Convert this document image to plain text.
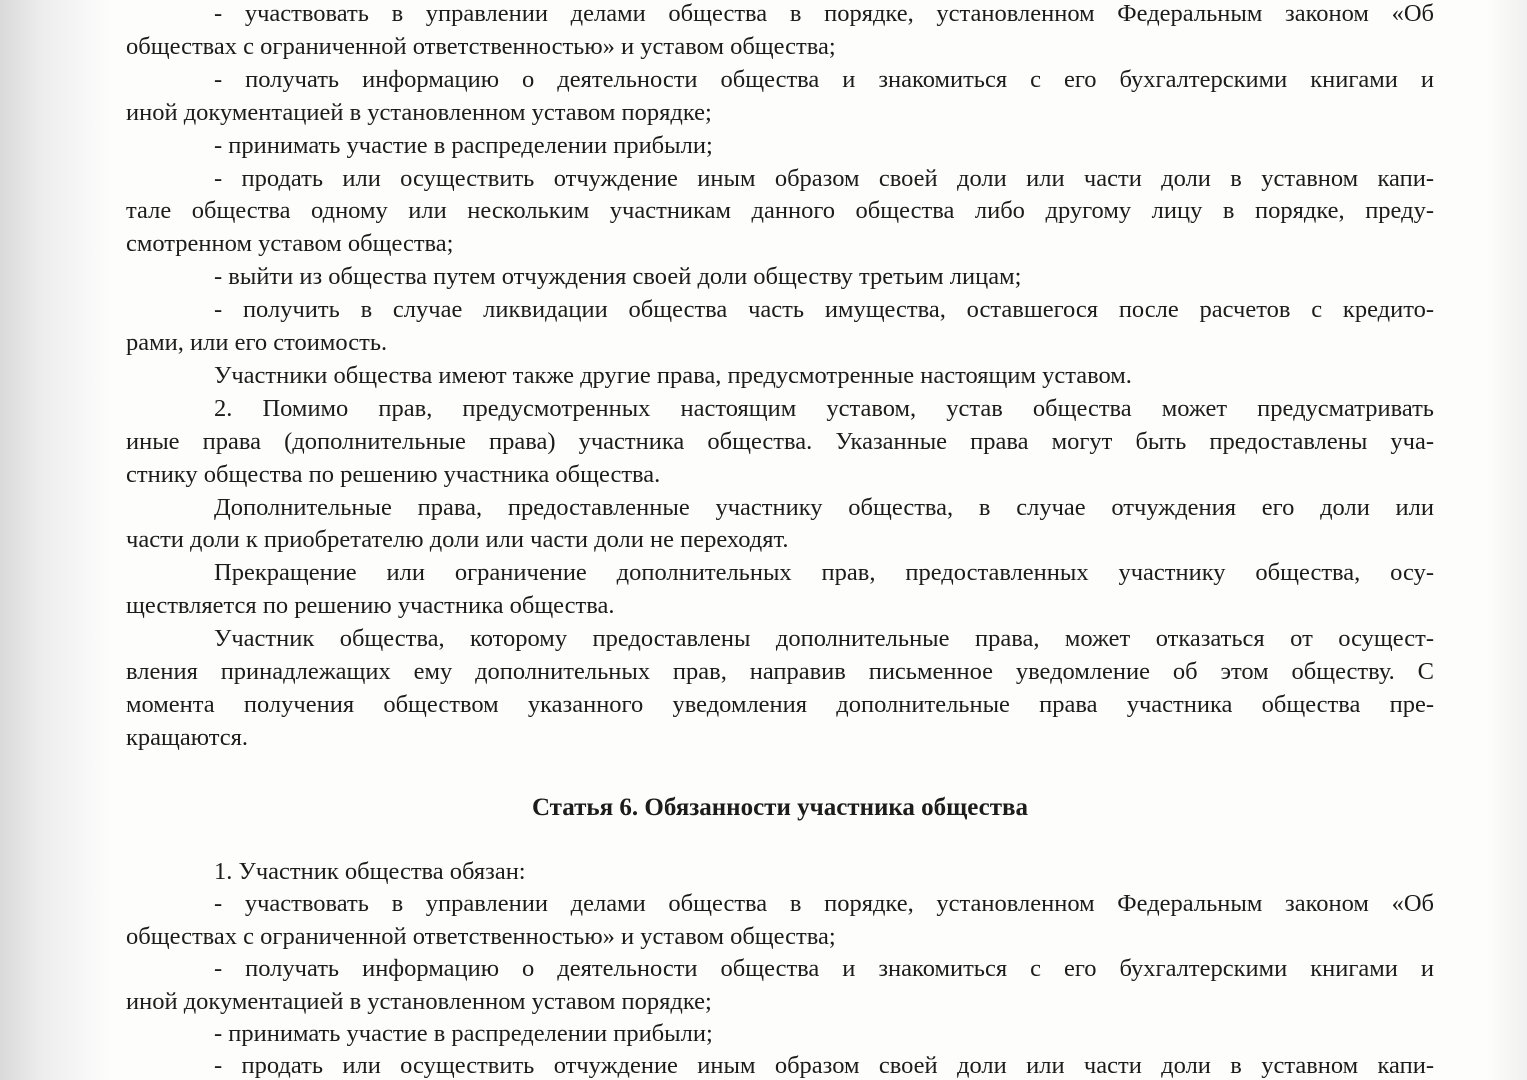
- участвовать в управлении делами общества в порядке, установленном Федеральным законом «Об
обществах с ограниченной ответственностью» и уставом общества;
- получать информацию о деятельности общества и знакомиться с его бухгалтерскими книгами и
иной документацией в установленном уставом порядке;
- принимать участие в распределении прибыли;
- продать или осуществить отчуждение иным образом своей доли или части доли в уставном капи-
тале общества одному или нескольким участникам данного общества либо другому лицу в порядке, преду-
смотренном уставом общества;
- выйти из общества путем отчуждения своей доли обществу третьим лицам;
- получить в случае ликвидации общества часть имущества, оставшегося после расчетов с кредито-
рами, или его стоимость.
Участники общества имеют также другие права, предусмотренные настоящим уставом.
2. Помимо прав, предусмотренных настоящим уставом, устав общества может предусматривать
иные права (дополнительные права) участника общества. Указанные права могут быть предоставлены уча-
стнику общества по решению участника общества.
Дополнительные права, предоставленные участнику общества, в случае отчуждения его доли или
части доли к приобретателю доли или части доли не переходят.
Прекращение или ограничение дополнительных прав, предоставленных участнику общества, осу-
ществляется по решению участника общества.
Участник общества, которому предоставлены дополнительные права, может отказаться от осущест-
вления принадлежащих ему дополнительных прав, направив письменное уведомление об этом обществу. С
момента получения обществом указанного уведомления дополнительные права участника общества пре-
кращаются.
Статья 6. Обязанности участника общества
1. Участник общества обязан:
- участвовать в управлении делами общества в порядке, установленном Федеральным законом «Об
обществах с ограниченной ответственностью» и уставом общества;
- получать информацию о деятельности общества и знакомиться с его бухгалтерскими книгами и
иной документацией в установленном уставом порядке;
- принимать участие в распределении прибыли;
- продать или осуществить отчуждение иным образом своей доли или части доли в уставном капи-
